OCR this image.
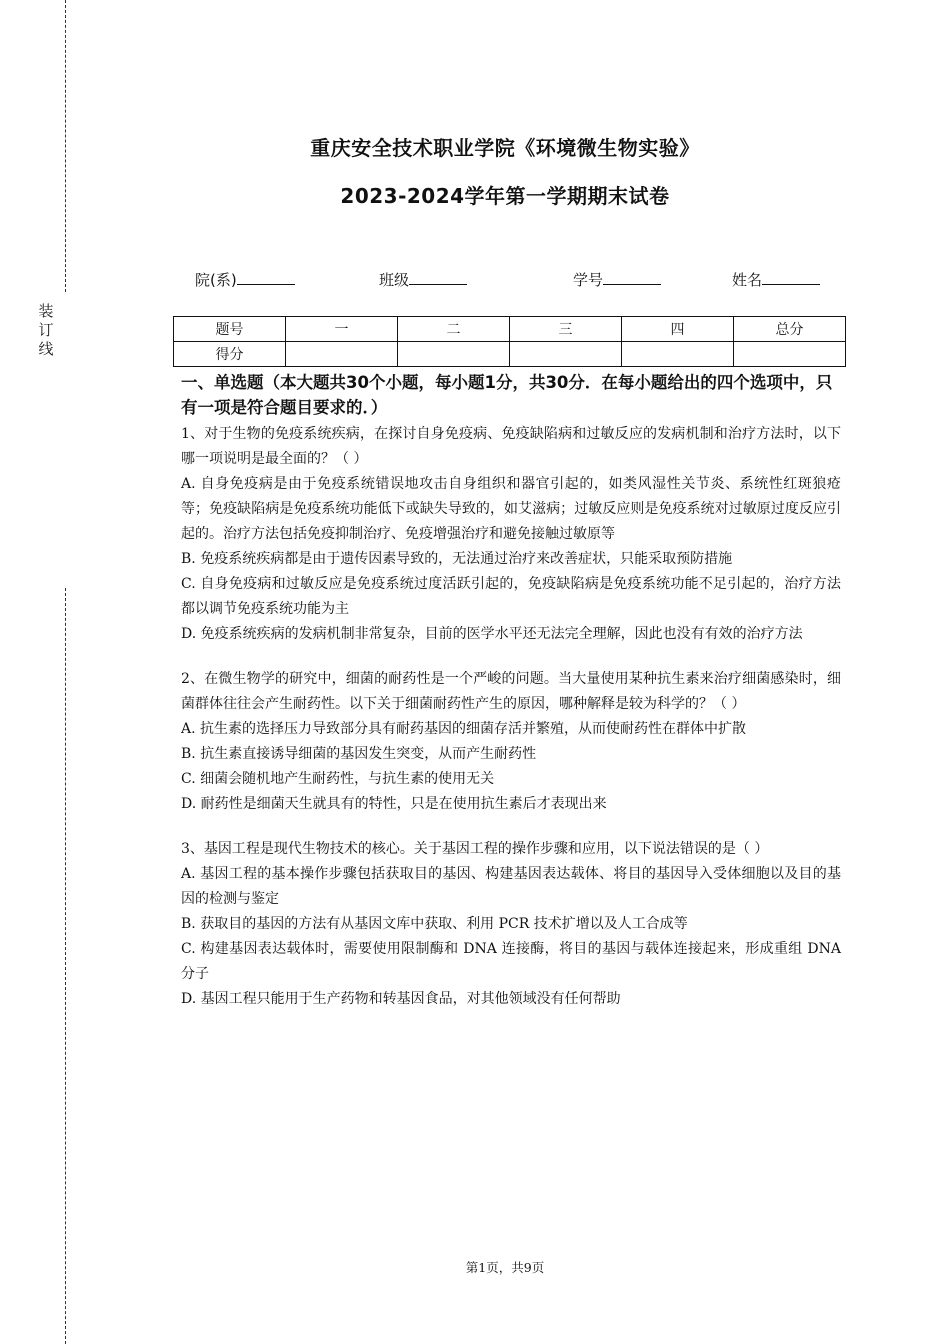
装
订
线
重庆安全技术职业学院《环境微生物实验》
2023-2024学年第一学期期末试卷
院(系)	班级	学号	姓名
题号	一	二	三	四	总分
得分					

一、单选题（本大题共30个小题，每小题1分，共30分．在每小题给出的四个选项中，只有一项是符合题目要求的．）

1、对于生物的免疫系统疾病，在探讨自身免疫病、免疫缺陷病和过敏反应的发病机制和治疗方法时，以下哪一项说明是最全面的？（ ）

A. 自身免疫病是由于免疫系统错误地攻击自身组织和器官引起的，如类风湿性关节炎、系统性红斑狼疮等；免疫缺陷病是免疫系统功能低下或缺失导致的，如艾滋病；过敏反应则是免疫系统对过敏原过度反应引起的。治疗方法包括免疫抑制治疗、免疫增强治疗和避免接触过敏原等

B. 免疫系统疾病都是由于遗传因素导致的，无法通过治疗来改善症状，只能采取预防措施

C. 自身免疫病和过敏反应是免疫系统过度活跃引起的，免疫缺陷病是免疫系统功能不足引起的，治疗方法都以调节免疫系统功能为主

D. 免疫系统疾病的发病机制非常复杂，目前的医学水平还无法完全理解，因此也没有有效的治疗方法

2、在微生物学的研究中，细菌的耐药性是一个严峻的问题。当大量使用某种抗生素来治疗细菌感染时，细菌群体往往会产生耐药性。以下关于细菌耐药性产生的原因，哪种解释是较为科学的？（ ）

A. 抗生素的选择压力导致部分具有耐药基因的细菌存活并繁殖，从而使耐药性在群体中扩散

B. 抗生素直接诱导细菌的基因发生突变，从而产生耐药性

C. 细菌会随机地产生耐药性，与抗生素的使用无关

D. 耐药性是细菌天生就具有的特性，只是在使用抗生素后才表现出来

3、基因工程是现代生物技术的核心。关于基因工程的操作步骤和应用，以下说法错误的是（ ）

A. 基因工程的基本操作步骤包括获取目的基因、构建基因表达载体、将目的基因导入受体细胞以及目的基因的检测与鉴定

B. 获取目的基因的方法有从基因文库中获取、利用 PCR 技术扩增以及人工合成等

C. 构建基因表达载体时，需要使用限制酶和 DNA 连接酶，将目的基因与载体连接起来，形成重组 DNA 分子

D. 基因工程只能用于生产药物和转基因食品，对其他领域没有任何帮助

第1页，共9页
